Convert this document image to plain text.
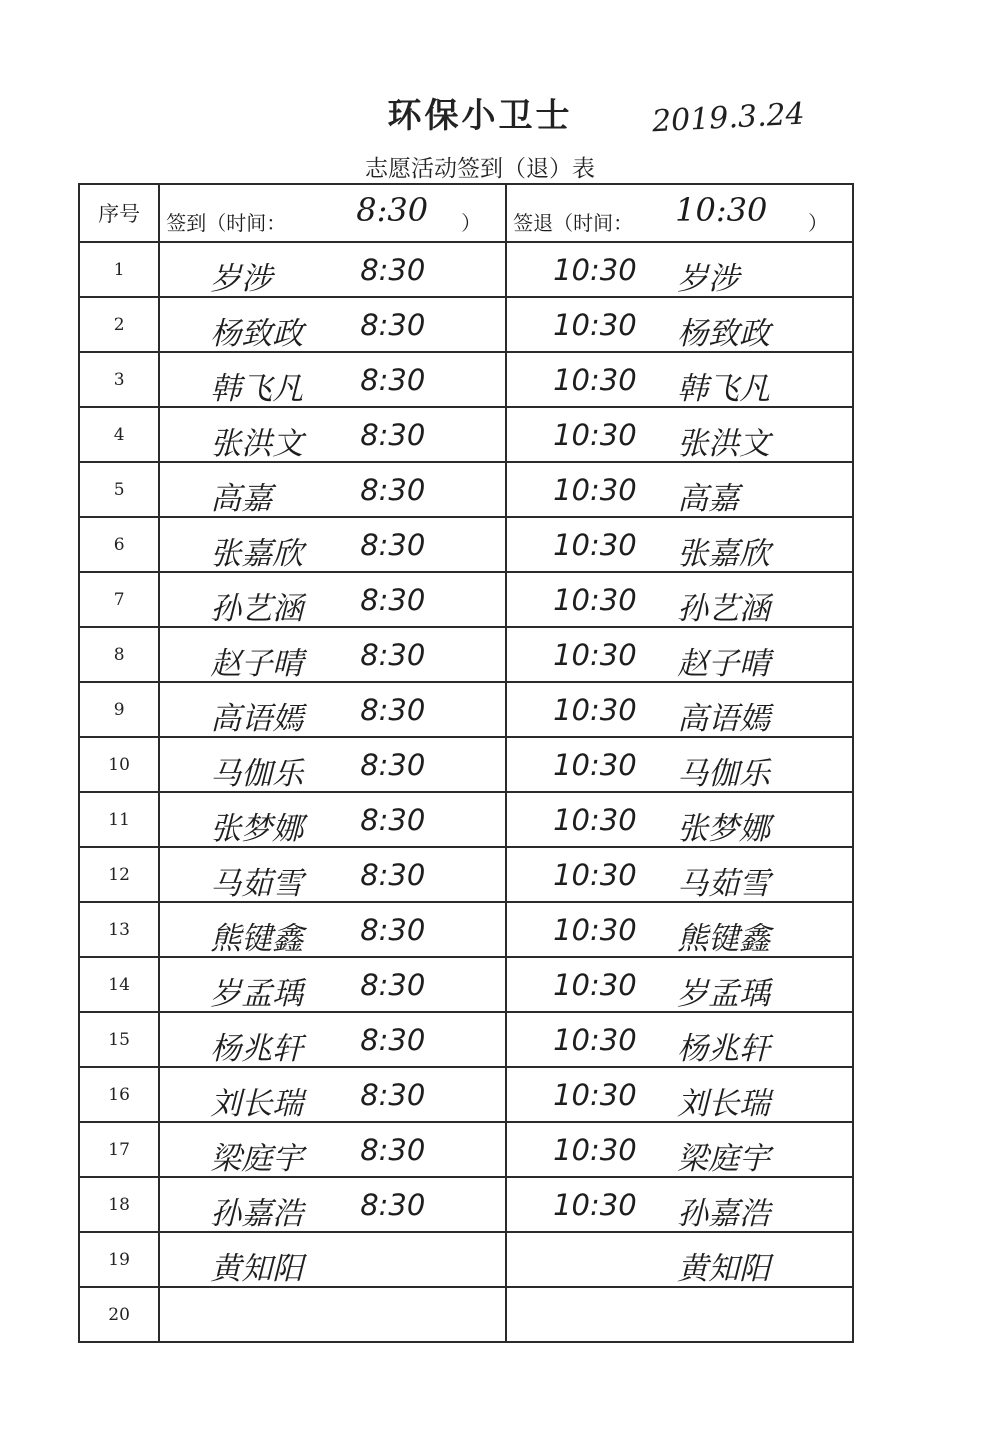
环保小卫士	2019.3.24
志愿活动签到（退）表
序号	签到（时间： 8:30 ）	签退（时间： 10:30 ）

1	岁涉 8:30	10:30 岁涉

2	杨致政 8:30	10:30 杨致政

3	韩飞凡 8:30	10:30 韩飞凡

4	张洪文 8:30	10:30 张洪文

5	高嘉 8:30	10:30 高嘉

6	张嘉欣 8:30	10:30 张嘉欣

7	孙艺涵 8:30	10:30 孙艺涵

8	赵子晴 8:30	10:30 赵子晴

9	高语嫣 8:30	10:30 高语嫣

10	马伽乐 8:30	10:30 马伽乐

11	张梦娜 8:30	10:30 张梦娜

12	马茹雪 8:30	10:30 马茹雪

13	熊键鑫 8:30	10:30 熊键鑫

14	岁孟瑀 8:30	10:30 岁孟瑀

15	杨兆轩 8:30	10:30 杨兆轩

16	刘长瑞 8:30	10:30 刘长瑞

17	梁庭宇 8:30	10:30 梁庭宇

18	孙嘉浩 8:30	10:30 孙嘉浩

19	黄知阳	黄知阳

20	
